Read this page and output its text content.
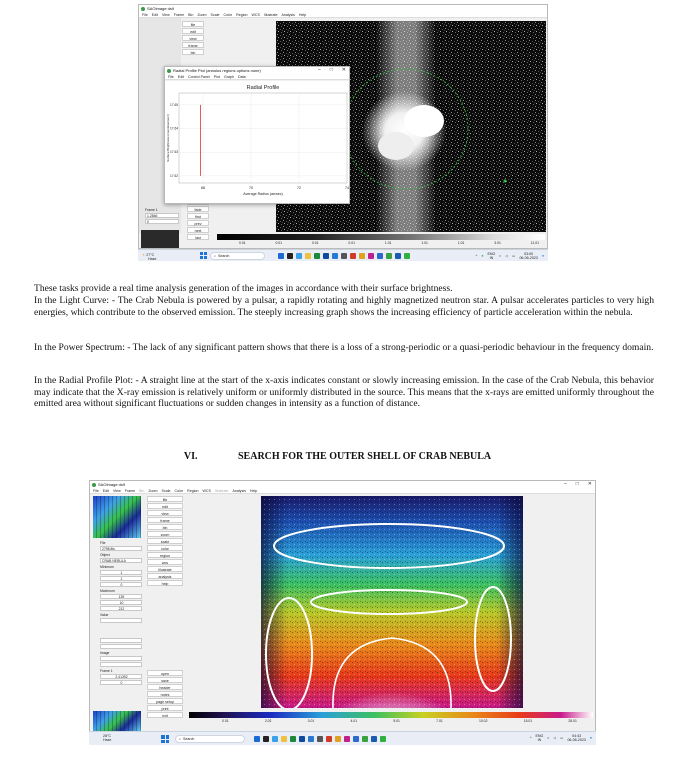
SAOImage ds9
File Edit View Frame Bin Zoom Scale Color Region WCS Illustrate Analysis Help
file
edit
view
frame
bin
fade
first
prev
next
last
Frame 1
1.2846
0
0.01	0.01	0.01	0.01	1.01	1.01	1.01	3.01	11.01
Radial Profile Plot (annulus regions options none)	– □ ✕
File Edit Control Panel Plot Graph Data
Radial Profile
68	70	72	74
17.65
17.64
17.63
17.62
Average Radius (arcsec)
Surface Brightness (counts/arcsec²)
☀ 27°C
Haze
⌕ Search	^ ● ENG
IN	≈ ◁ ▭	03:00
06-06-2023 ●

These tasks provide a real time analysis generation of the images in accordance with their surface brightness.

In the Light Curve: - The Crab Nebula is powered by a pulsar, a rapidly rotating and highly magnetized neutron star. A pulsar accelerates particles to very high energies, which contribute to the observed emission. The steeply increasing graph shows the increasing efficiency of particle acceleration within the nebula.

In the Power Spectrum: - The lack of any significant pattern shows that there is a loss of a strong-periodic or a quasi-periodic behaviour in the frequency domain.

In the Radial Profile Plot: - A straight line at the start of the x-axis indicates constant or slowly increasing emission. In the case of the Crab Nebula, this behavior may indicate that the X-ray emission is relatively uniform or uniformly distributed in the source. This means that the x-rays are emitted uniformly throughout the emitted area without significant fluctuations or sudden changes in intensity as a function of distance.

VI.	SEARCH FOR THE OUTER SHELL OF CRAB NEBULA
SAOImage ds9	– □ ✕
File Edit View Frame Bin Zoom Scale Color Region WCS Illustrate Analysis Help
File
2798.fits
Object
CRAB NEBULA
Minimum
1
1
0
Maximum
139
10
212
Value
Image
Frame 1
2.41392
0
file
edit
view
frame
bin
zoom
scale
color
region
wcs
illustrate
analysis
help
open
save
header
notes
page setup
print
exit
0.01	2.02	3.01	4.01	5.01	7.01	10.02	15.01	28.01
28°C
Haze	⌕ Search	^ ENG
IN	≈ ◁ ▭	04:43
06-06-2023 ●
